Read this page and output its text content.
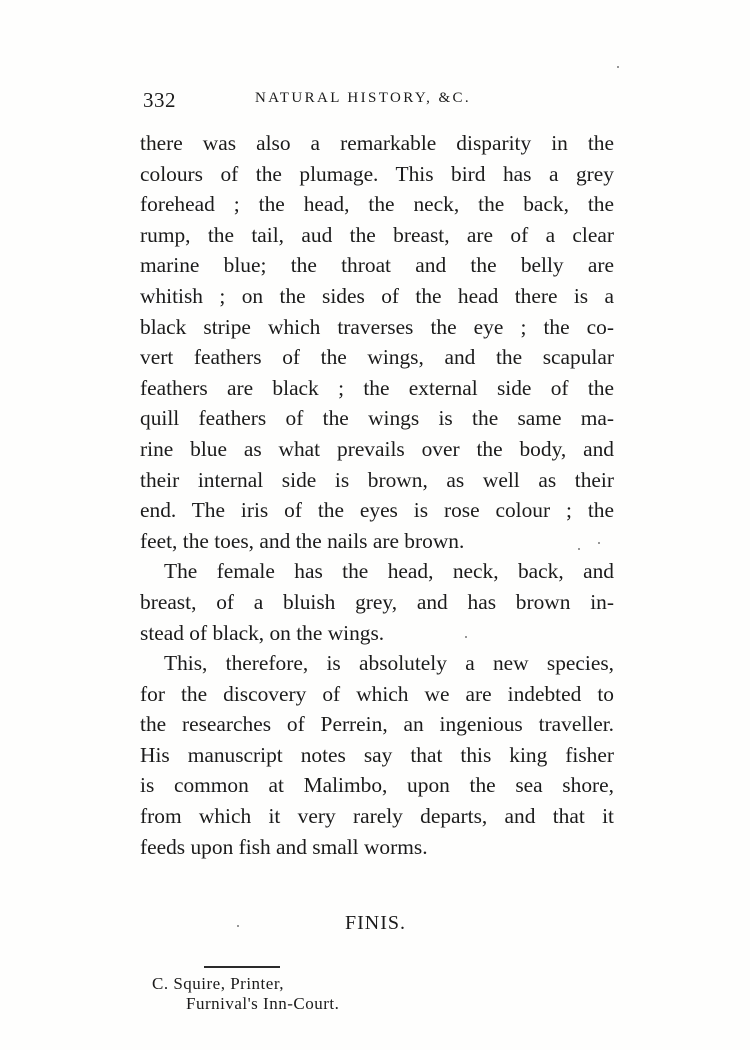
332	NATURAL HISTORY, &C.
there was also a remarkable disparity in the
colours of the plumage. This bird has a grey
forehead ; the head, the neck, the back, the
rump, the tail, aud the breast, are of a clear
marine blue; the throat and the belly are
whitish ; on the sides of the head there is a
black stripe which traverses the eye ; the co-
vert feathers of the wings, and the scapular
feathers are black ; the external side of the
quill feathers of the wings is the same ma-
rine blue as what prevails over the body, and
their internal side is brown, as well as their
end. The iris of the eyes is rose colour ; the
feet, the toes, and the nails are brown.
The female has the head, neck, back, and
breast, of a bluish grey, and has brown in-
stead of black, on the wings.
This, therefore, is absolutely a new species,
for the discovery of which we are indebted to
the researches of Perrein, an ingenious traveller.
His manuscript notes say that this king fisher
is common at Malimbo, upon the sea shore,
from which it very rarely departs, and that it
feeds upon fish and small worms.
FINIS.
C. Squire, Printer,
Furnival's Inn-Court.
